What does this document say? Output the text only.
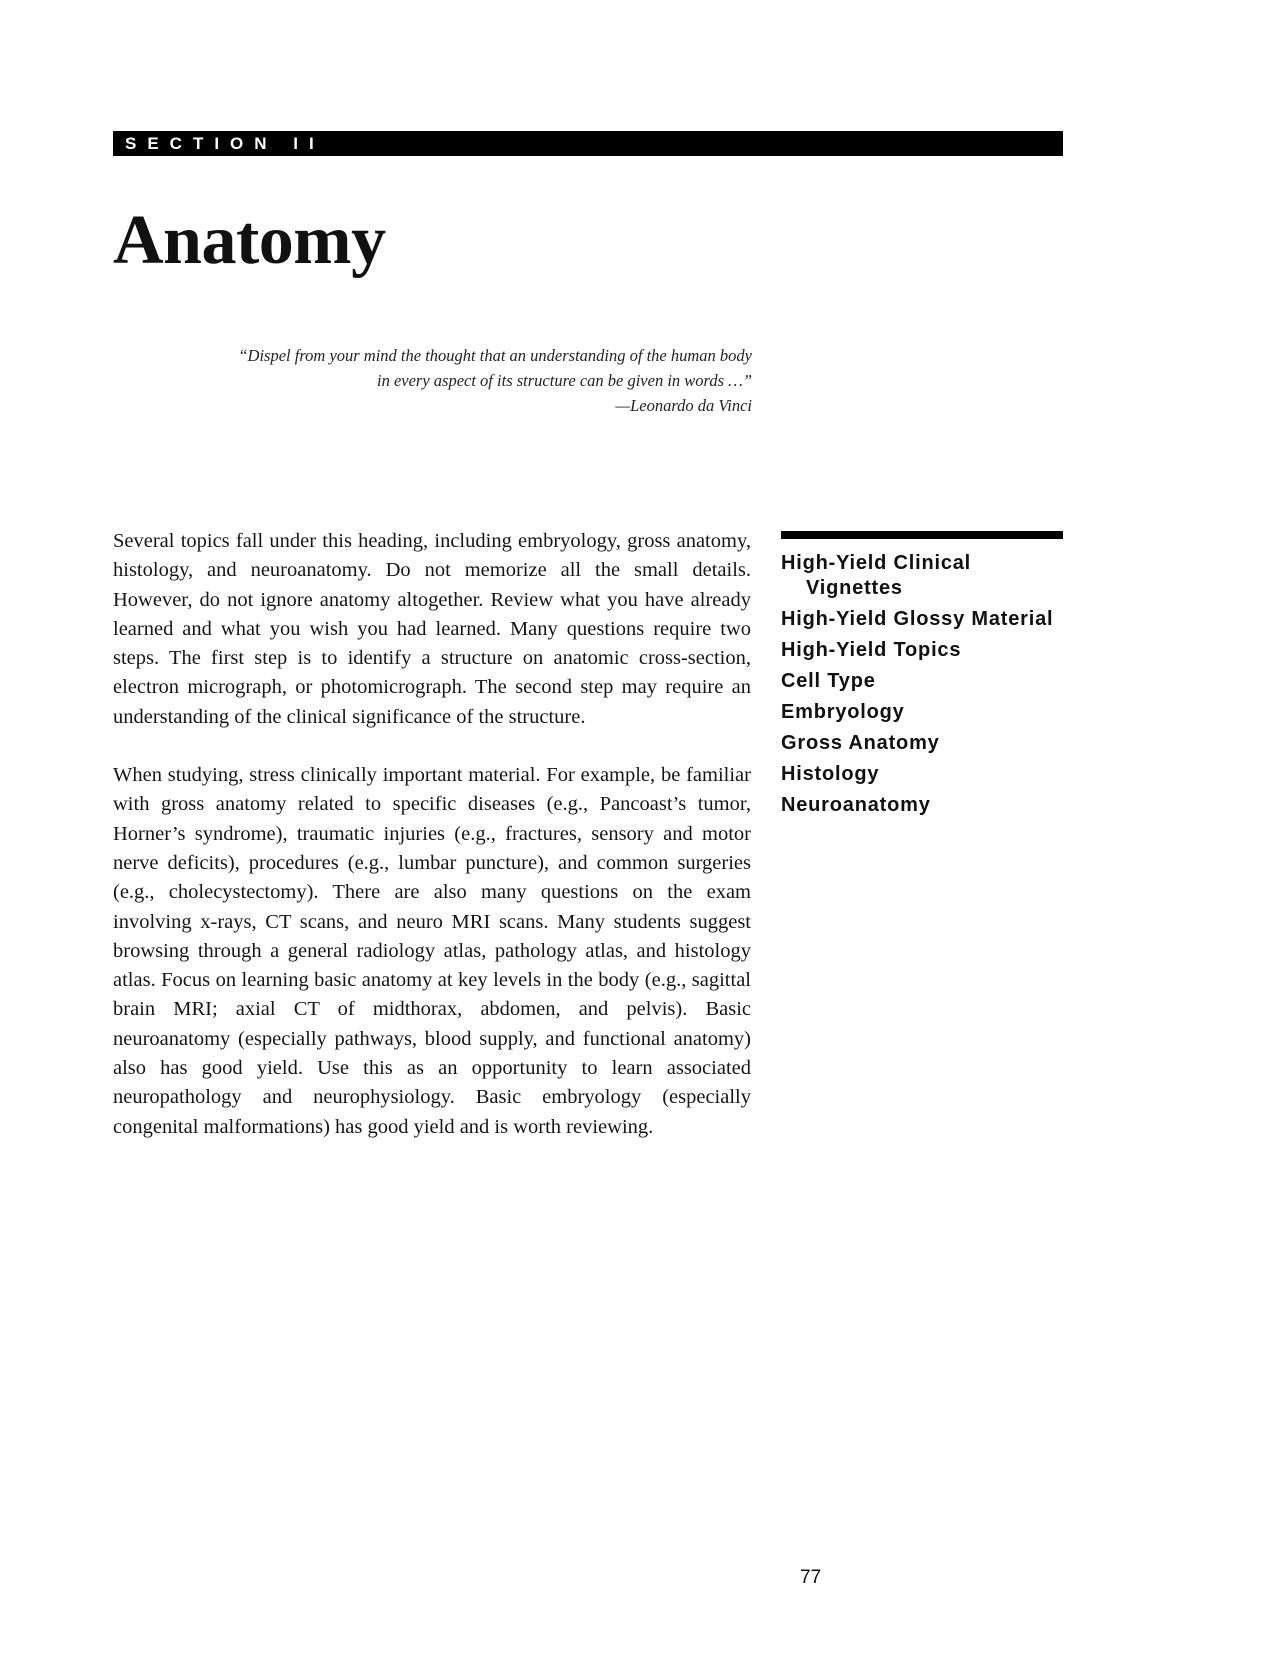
SECTION II
Anatomy
“Dispel from your mind the thought that an understanding of the human body
in every aspect of its structure can be given in words …”
—Leonardo da Vinci

Several topics fall under this heading, including embryology, gross anatomy, histology, and neuroanatomy. Do not memorize all the small details. However, do not ignore anatomy altogether. Review what you have already learned and what you wish you had learned. Many questions require two steps. The first step is to identify a structure on anatomic cross-section, electron micrograph, or photomicrograph. The second step may require an understanding of the clinical significance of the structure.

When studying, stress clinically important material. For example, be familiar with gross anatomy related to specific diseases (e.g., Pancoast’s tumor, Horner’s syndrome), traumatic injuries (e.g., fractures, sensory and motor nerve deficits), procedures (e.g., lumbar puncture), and common surgeries (e.g., cholecystectomy). There are also many questions on the exam involving x-rays, CT scans, and neuro MRI scans. Many students suggest browsing through a general radiology atlas, pathology atlas, and histology atlas. Focus on learning basic anatomy at key levels in the body (e.g., sagittal brain MRI; axial CT of midthorax, abdomen, and pelvis). Basic neuroanatomy (especially pathways, blood supply, and functional anatomy) also has good yield. Use this as an opportunity to learn associated neuropathology and neurophysiology. Basic embryology (especially congenital malformations) has good yield and is worth reviewing.

High-Yield Clinical Vignettes
High-Yield Glossy Material
High-Yield Topics
Cell Type
Embryology
Gross Anatomy
Histology
Neuroanatomy
77
